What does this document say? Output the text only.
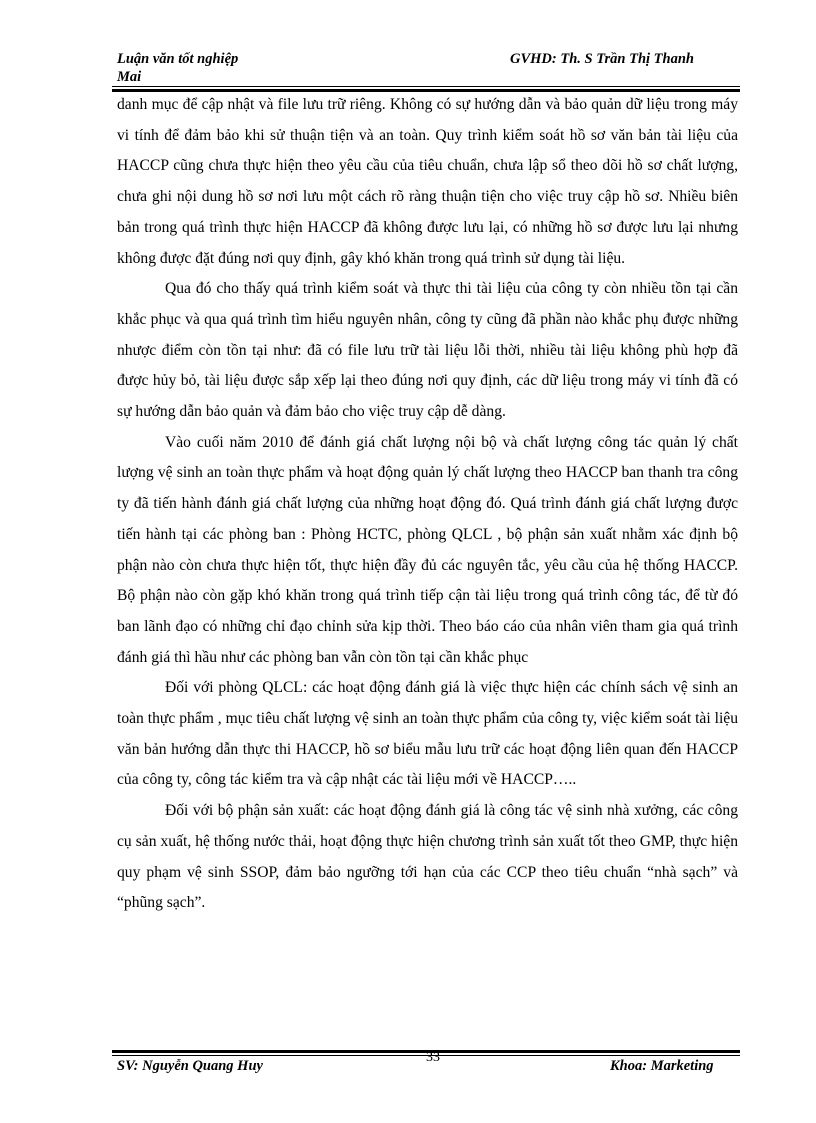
Luận văn tốt nghiệp	GVHD: Th. S Trần Thị Thanh
Mai

danh mục để cập nhật và file lưu trữ riêng. Không có sự hướng dẫn và bảo quản dữ liệu trong máy vi tính để đảm bảo khi sử thuận tiện và an toàn. Quy trình kiểm soát hồ sơ văn bản tài liệu của HACCP cũng chưa thực hiện theo yêu cầu của tiêu chuẩn, chưa lập sổ theo dõi hồ sơ chất lượng, chưa ghi nội dung hồ sơ nơi lưu một cách rõ ràng thuận tiện cho việc truy cập hồ sơ. Nhiều biên bản trong quá trình thực hiện HACCP đã không được lưu lại, có những hồ sơ được lưu lại nhưng không được đặt đúng nơi quy định, gây khó khăn trong quá trình sử dụng tài liệu.

Qua đó cho thấy quá trình kiểm soát và thực thi tài liệu của công ty còn nhiều tồn tại cần khắc phục và qua quá trình tìm hiểu nguyên nhân, công ty cũng đã phần nào khắc phụ được những nhược điểm còn tồn tại như: đã có file lưu trữ tài liệu lỗi thời, nhiều tài liệu không phù hợp đã được hủy bỏ, tài liệu được sắp xếp lại theo đúng nơi quy định, các dữ liệu trong máy vi tính đã có sự hướng dẫn bảo quản và đảm bảo cho việc truy cập dễ dàng.

Vào cuối năm 2010 để đánh giá chất lượng nội bộ và chất lượng công tác quản lý chất lượng vệ sinh an toàn thực phẩm và hoạt động quản lý chất lượng theo HACCP ban thanh tra công ty đã tiến hành đánh giá chất lượng của những hoạt động đó. Quá trình đánh giá chất lượng được tiến hành tại các phòng ban : Phòng HCTC, phòng QLCL , bộ phận sản xuất nhằm xác định bộ phận nào còn chưa thực hiện tốt, thực hiện đầy đủ các nguyên tắc, yêu cầu của hệ thống HACCP. Bộ phận nào còn gặp khó khăn trong quá trình tiếp cận tài liệu trong quá trình công tác, để từ đó ban lãnh đạo có những chỉ đạo chỉnh sửa kịp thời. Theo báo cáo của nhân viên tham gia quá trình đánh giá thì hầu như các phòng ban vẫn còn tồn tại cần khắc phục

Đối với phòng QLCL: các hoạt động đánh giá là việc thực hiện các chính sách vệ sinh an toàn thực phẩm , mục tiêu chất lượng vệ sinh an toàn thực phẩm của công ty, việc kiểm soát tài liệu văn bản hướng dẫn thực thi HACCP, hồ sơ biểu mẫu lưu trữ các hoạt động liên quan đến HACCP của công ty, công tác kiểm tra và cập nhật các tài liệu mới về HACCP…..

Đối với bộ phận sản xuất: các hoạt động đánh giá là công tác vệ sinh nhà xưởng, các công cụ sản xuất, hệ thống nước thải, hoạt động thực hiện chương trình sản xuất tốt theo GMP, thực hiện quy phạm vệ sinh SSOP, đảm bảo ngưỡng tới hạn của các CCP theo tiêu chuẩn “nhà sạch” và “phũng sạch”.

33
SV: Nguyễn Quang Huy	Khoa: Marketing
